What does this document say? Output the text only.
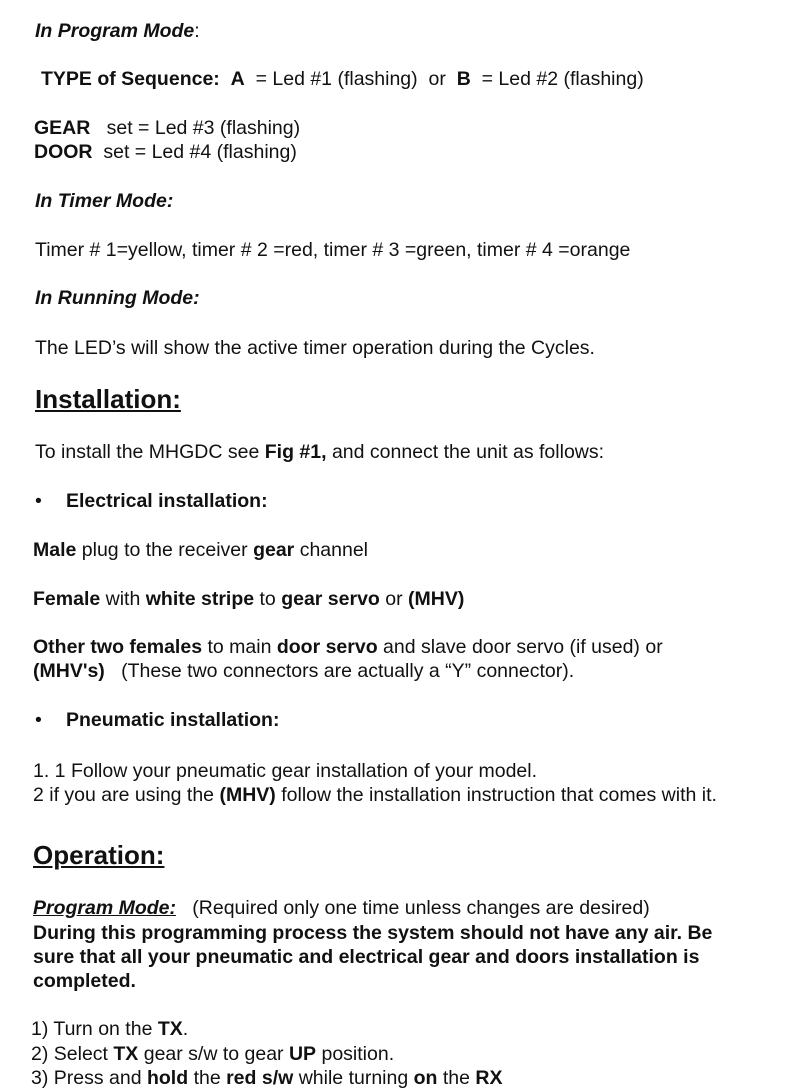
In Program Mode:
TYPE of Sequence: A = Led #1 (flashing) or B = Led #2 (flashing)
GEAR set = Led #3 (flashing)
DOOR set = Led #4 (flashing)
In Timer Mode:
Timer # 1=yellow, timer # 2 =red, timer # 3 =green, timer # 4 =orange
In Running Mode:
The LED’s will show the active timer operation during the Cycles.
Installation:
To install the MHGDC see Fig #1, and connect the unit as follows:
• Electrical installation:
Male plug to the receiver gear channel
Female with white stripe to gear servo or (MHV)
Other two females to main door servo and slave door servo (if used) or
(MHV's) (These two connectors are actually a “Y” connector).
• Pneumatic installation:
1. 1 Follow your pneumatic gear installation of your model.
2 if you are using the (MHV) follow the installation instruction that comes with it.
Operation:
Program Mode: (Required only one time unless changes are desired)
During this programming process the system should not have any air. Be
sure that all your pneumatic and electrical gear and doors installation is
completed.
1) Turn on the TX.
2) Select TX gear s/w to gear UP position.
3) Press and hold the red s/w while turning on the RX
